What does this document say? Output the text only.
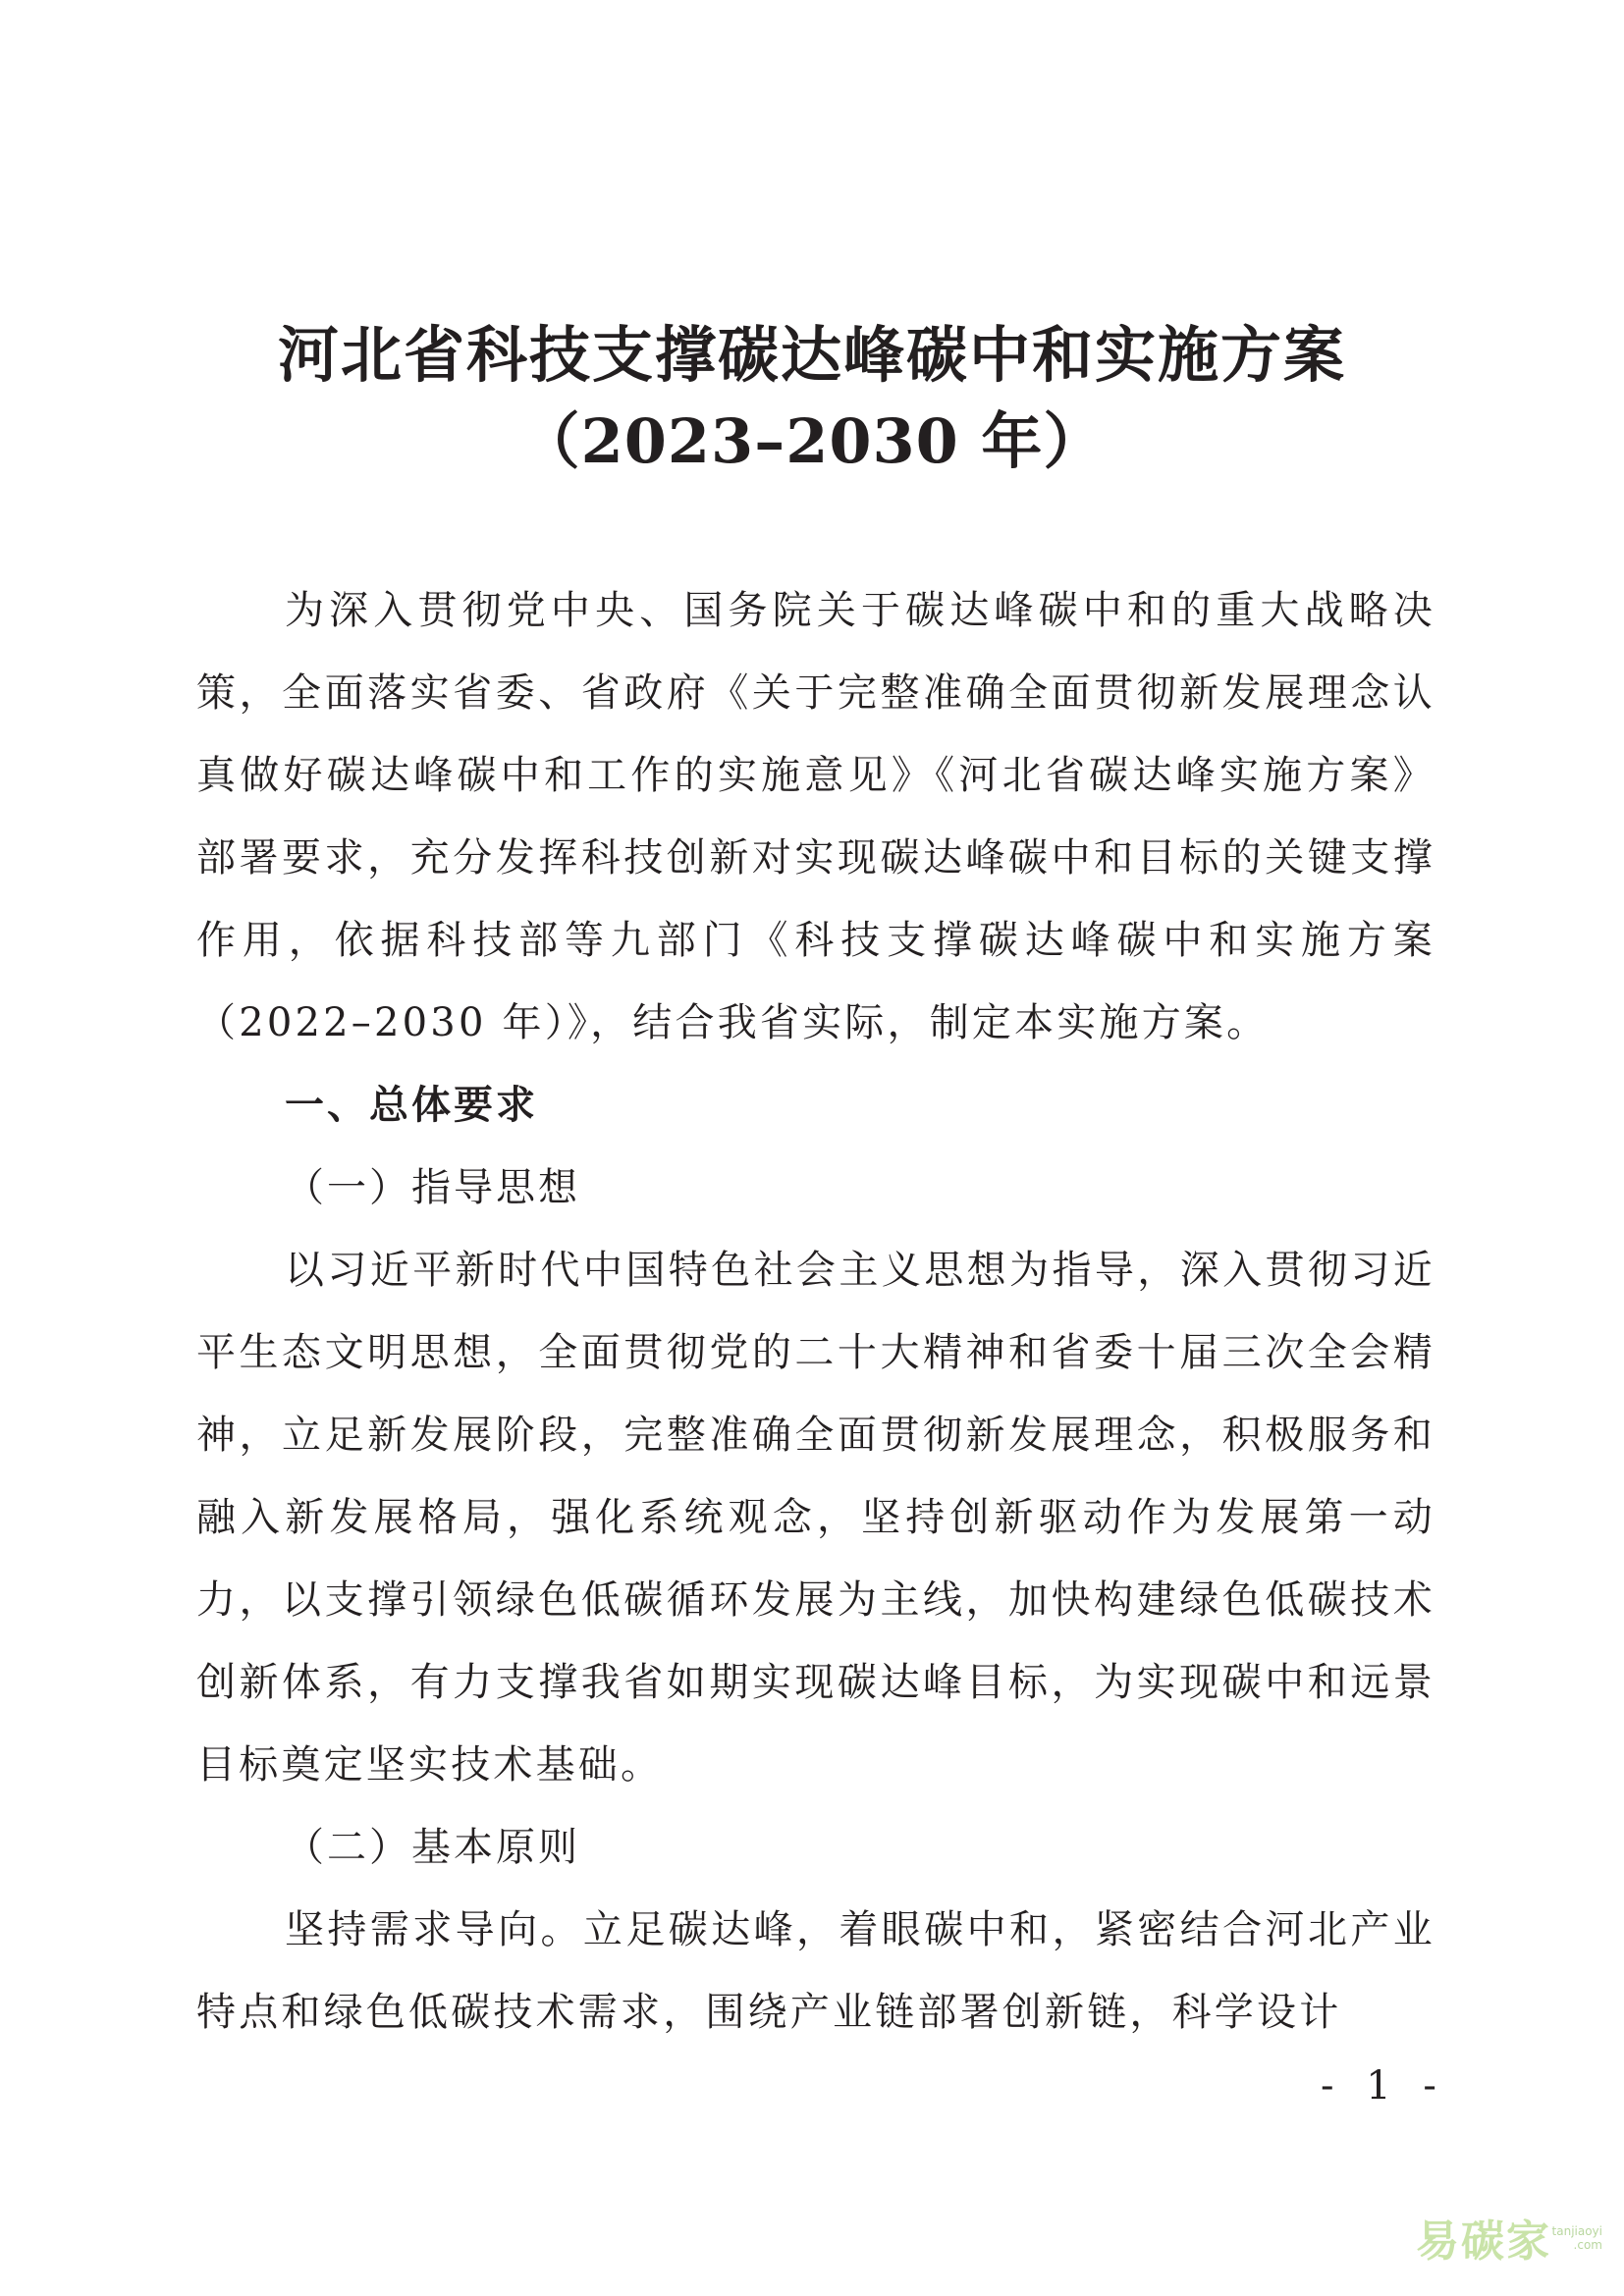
河北省科技支撑碳达峰碳中和实施方案
（2023–2030 年）

为深入贯彻党中央、国务院关于碳达峰碳中和的重大战略决策，全面落实省委、省政府《关于完整准确全面贯彻新发展理念认真做好碳达峰碳中和工作的实施意见》《河北省碳达峰实施方案》部署要求，充分发挥科技创新对实现碳达峰碳中和目标的关键支撑作用，依据科技部等九部门《科技支撑碳达峰碳中和实施方案（2022–2030 年）》，结合我省实际，制定本实施方案。

一、总体要求

（一）指导思想

以习近平新时代中国特色社会主义思想为指导，深入贯彻习近平生态文明思想，全面贯彻党的二十大精神和省委十届三次全会精神，立足新发展阶段，完整准确全面贯彻新发展理念，积极服务和融入新发展格局，强化系统观念，坚持创新驱动作为发展第一动力，以支撑引领绿色低碳循环发展为主线，加快构建绿色低碳技术创新体系，有力支撑我省如期实现碳达峰目标，为实现碳中和远景目标奠定坚实技术基础。

（二）基本原则

坚持需求导向。立足碳达峰，着眼碳中和，紧密结合河北产业特点和绿色低碳技术需求，围绕产业链部署创新链，科学设计

- 1 -
易碳家 tanjiaoyi
.com
